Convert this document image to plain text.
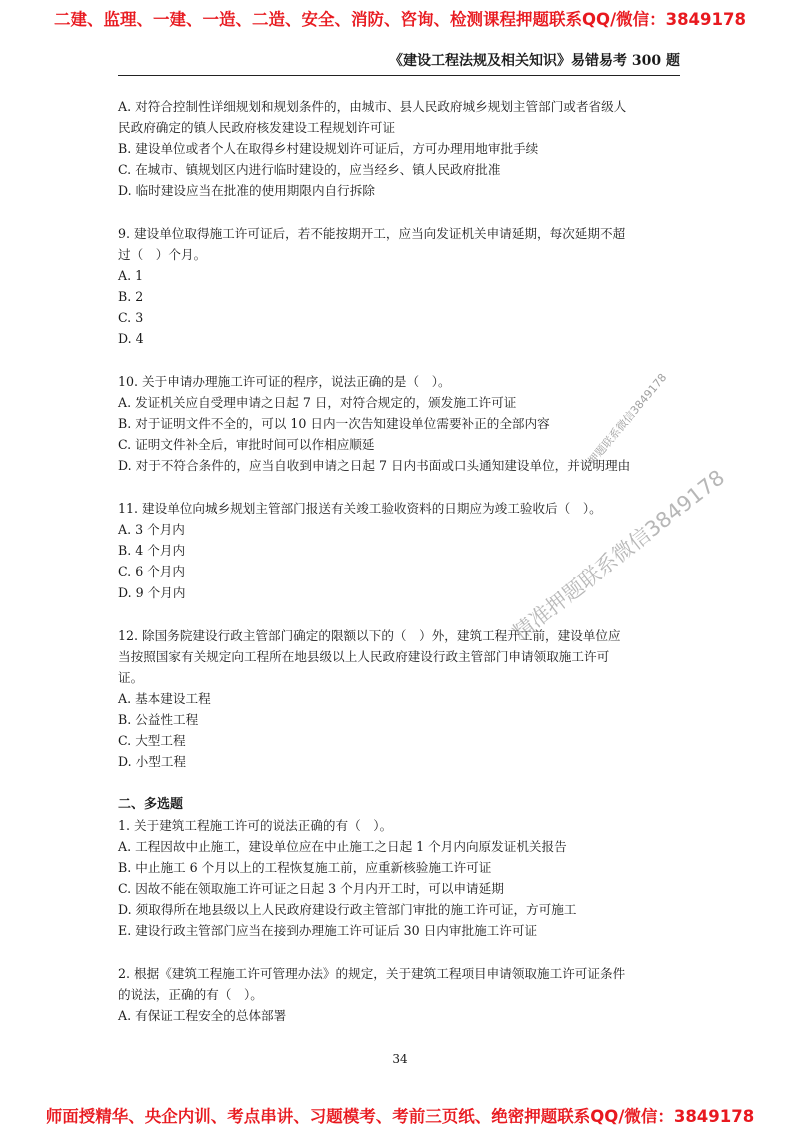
二建、监理、一建、一造、二造、安全、消防、咨询、检测课程押题联系QQ/微信：3849178
《建设工程法规及相关知识》易错易考 300 题
A. 对符合控制性详细规划和规划条件的，由城市、县人民政府城乡规划主管部门或者省级人
民政府确定的镇人民政府核发建设工程规划许可证
B. 建设单位或者个人在取得乡村建设规划许可证后，方可办理用地审批手续
C. 在城市、镇规划区内进行临时建设的，应当经乡、镇人民政府批准
D. 临时建设应当在批准的使用期限内自行拆除
9. 建设单位取得施工许可证后，若不能按期开工，应当向发证机关申请延期，每次延期不超
过（　）个月。
A. 1
B. 2
C. 3
D. 4
10. 关于申请办理施工许可证的程序，说法正确的是（　）。
A. 发证机关应自受理申请之日起 7 日，对符合规定的，颁发施工许可证
B. 对于证明文件不全的，可以 10 日内一次告知建设单位需要补正的全部内容
C. 证明文件补全后，审批时间可以作相应顺延
D. 对于不符合条件的，应当自收到申请之日起 7 日内书面或口头通知建设单位，并说明理由
11. 建设单位向城乡规划主管部门报送有关竣工验收资料的日期应为竣工验收后（　）。
A. 3 个月内
B. 4 个月内
C. 6 个月内
D. 9 个月内
12. 除国务院建设行政主管部门确定的限额以下的（　）外，建筑工程开工前，建设单位应
当按照国家有关规定向工程所在地县级以上人民政府建设行政主管部门申请领取施工许可
证。
A. 基本建设工程
B. 公益性工程
C. 大型工程
D. 小型工程
二、多选题
1. 关于建筑工程施工许可的说法正确的有（　）。
A. 工程因故中止施工，建设单位应在中止施工之日起 1 个月内向原发证机关报告
B. 中止施工 6 个月以上的工程恢复施工前，应重新核验施工许可证
C. 因故不能在领取施工许可证之日起 3 个月内开工时，可以申请延期
D. 须取得所在地县级以上人民政府建设行政主管部门审批的施工许可证，方可施工
E. 建设行政主管部门应当在接到办理施工许可证后 30 日内审批施工许可证
2. 根据《建筑工程施工许可管理办法》的规定，关于建筑工程项目申请领取施工许可证条件
的说法，正确的有（　）。
A. 有保证工程安全的总体部署
押题联系微信3849178
精准押题联系微信3849178
34
师面授精华、央企内训、考点串讲、习题模考、考前三页纸、绝密押题联系QQ/微信：3849178
